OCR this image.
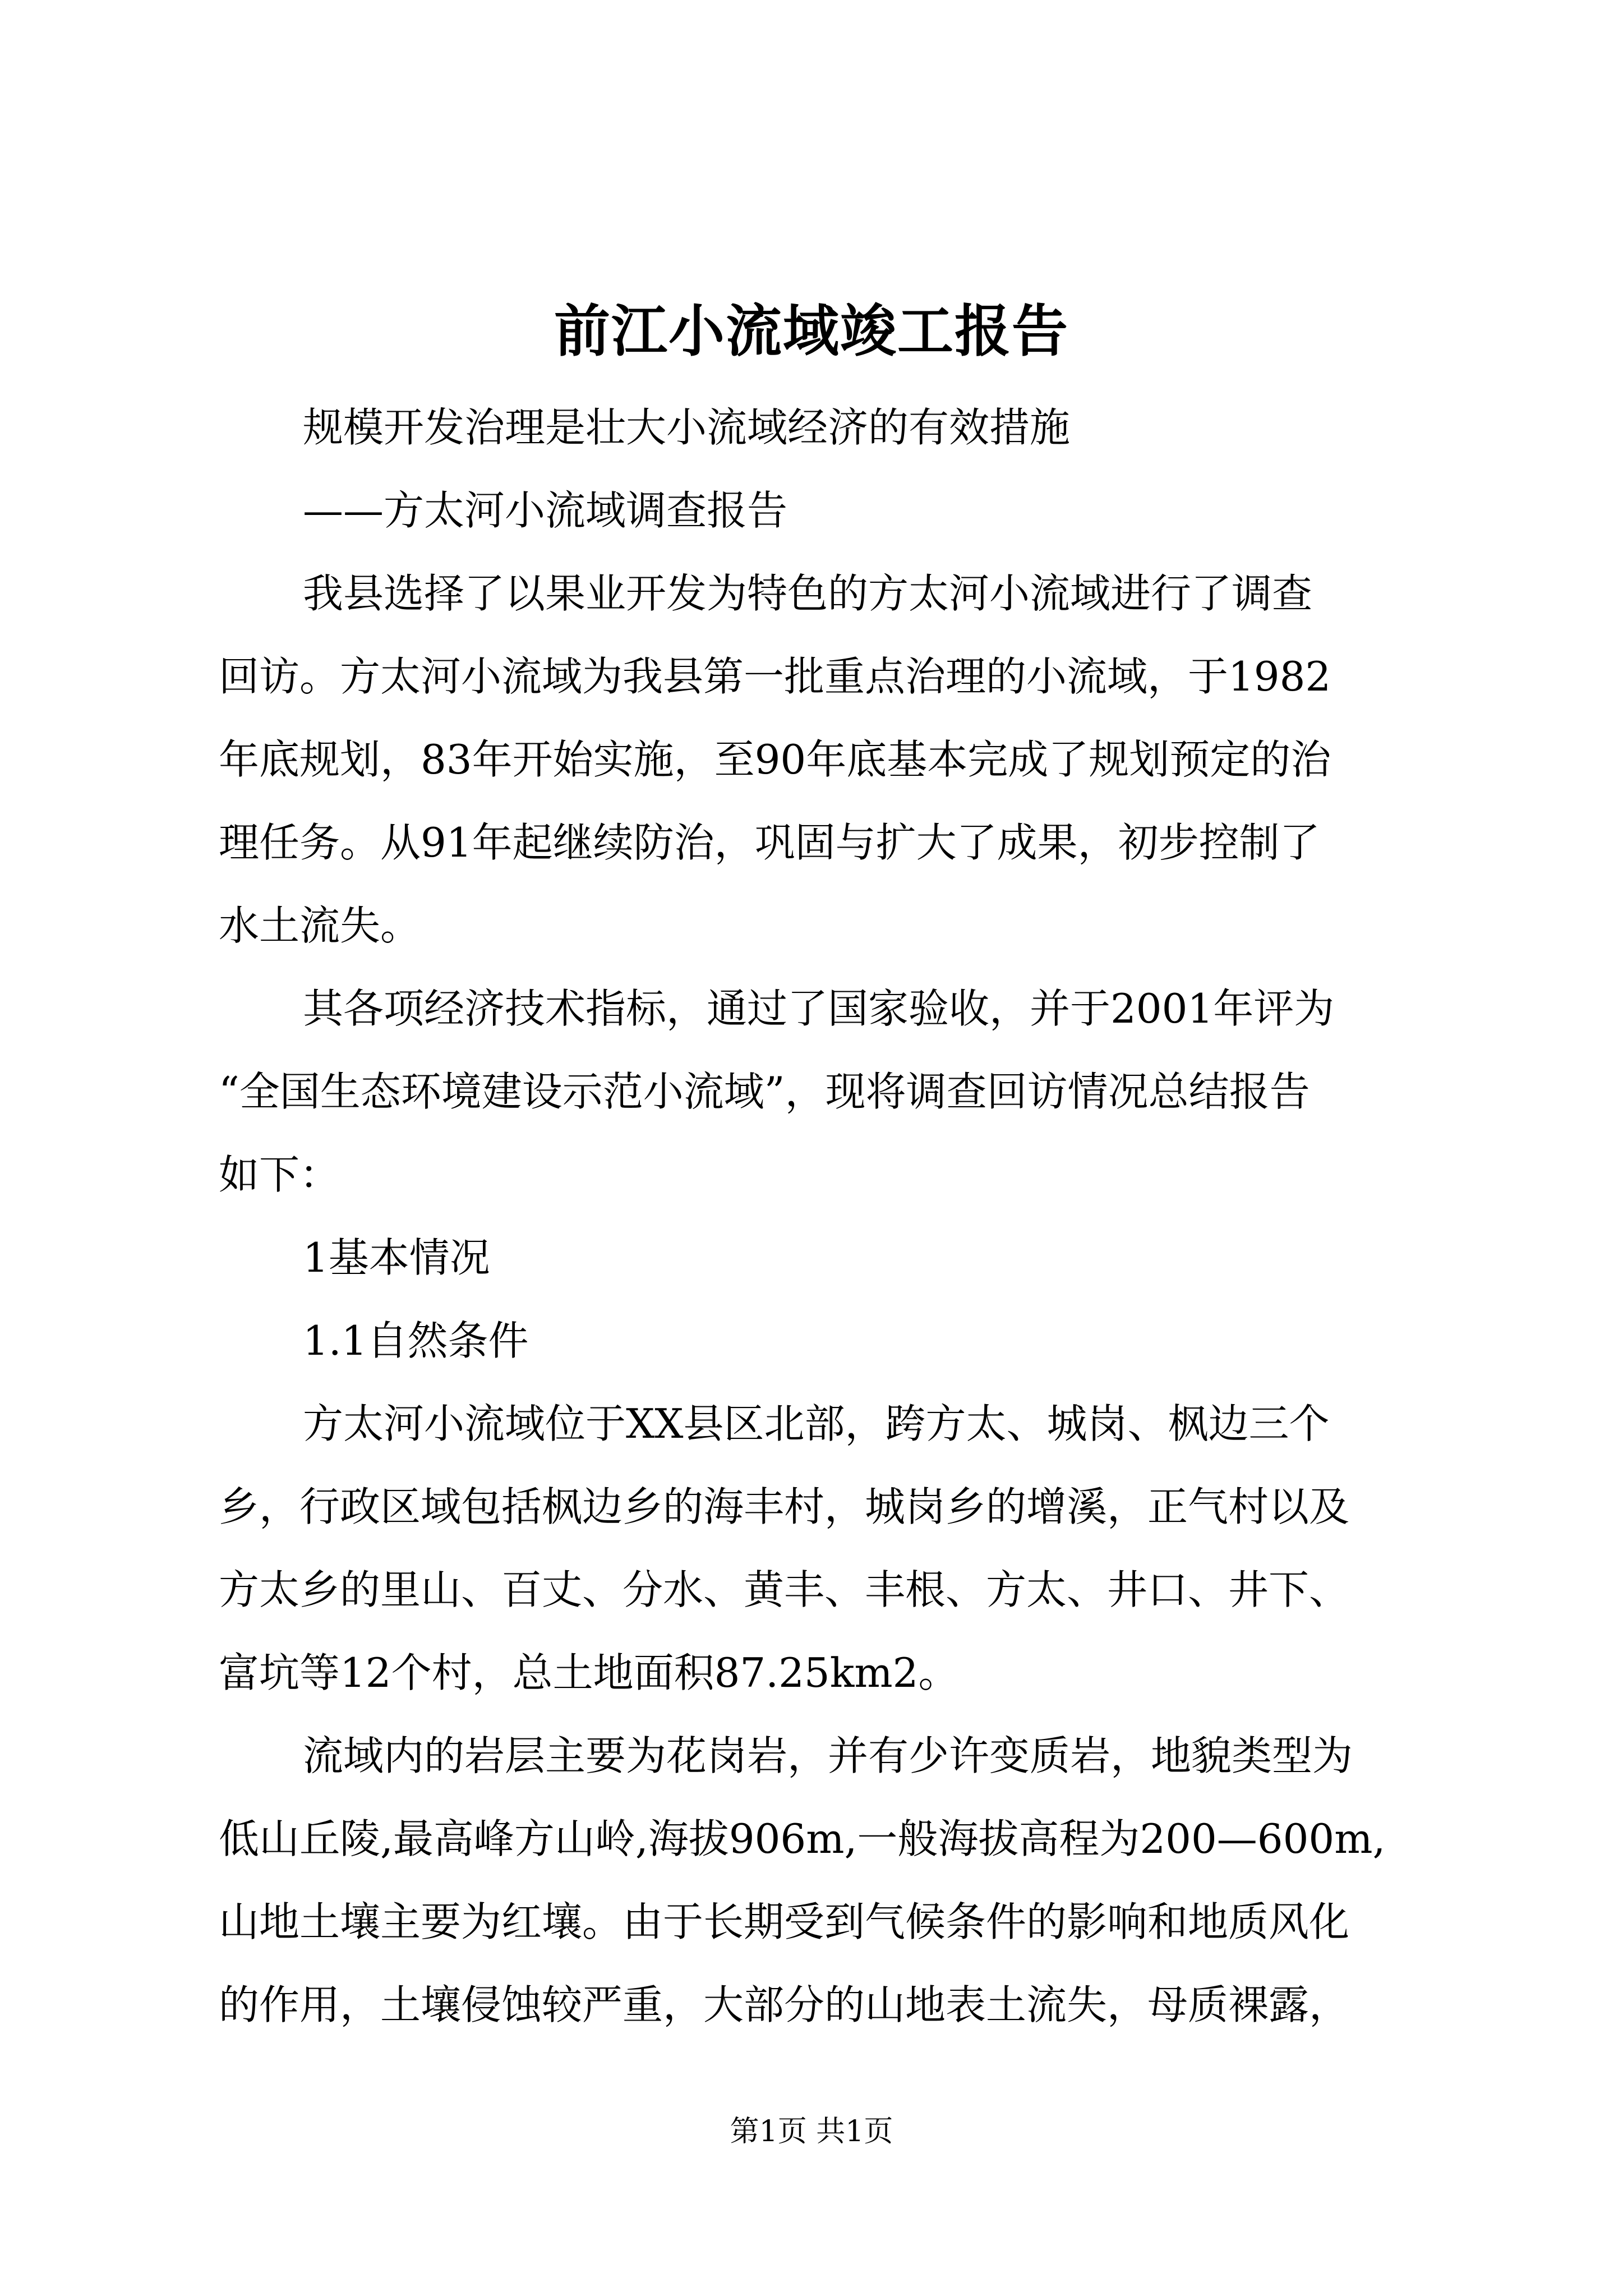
前江小流域竣工报告
规模开发治理是壮大小流域经济的有效措施
——方太河小流域调查报告
我县选择了以果业开发为特色的方太河小流域进行了调查
回访。方太河小流域为我县第一批重点治理的小流域，于1982
年底规划，83年开始实施，至90年底基本完成了规划预定的治
理任务。从91年起继续防治，巩固与扩大了成果，初步控制了
水土流失。
其各项经济技术指标，通过了国家验收，并于2001年评为
“全国生态环境建设示范小流域”，现将调查回访情况总结报告
如下：
1基本情况
1.1自然条件
方太河小流域位于XX县区北部，跨方太、城岗、枫边三个
乡，行政区域包括枫边乡的海丰村，城岗乡的增溪，正气村以及
方太乡的里山、百丈、分水、黄丰、丰根、方太、井口、井下、
富坑等12个村，总土地面积87.25km2。
流域内的岩层主要为花岗岩，并有少许变质岩，地貌类型为
低山丘陵,最高峰方山岭,海拔906m,一般海拔高程为200—600m,
山地土壤主要为红壤。由于长期受到气候条件的影响和地质风化
的作用，土壤侵蚀较严重，大部分的山地表土流失，母质裸露，
第1页 共1页
